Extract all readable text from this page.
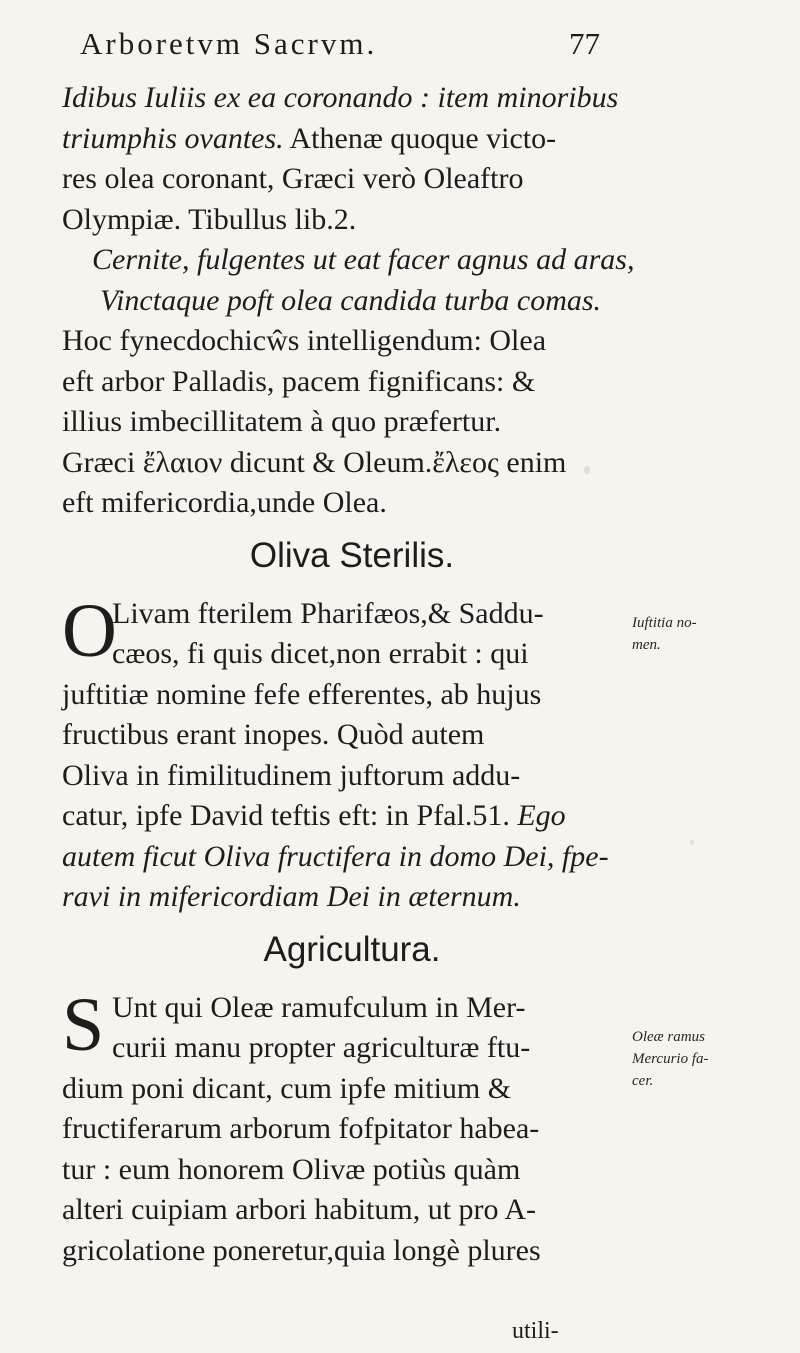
Arboretvm Sacrvm.	77
Idibus Iuliis ex ea coronando : item minoribus
triumphis ovantes. Athenæ quoque victo-
res olea coronant, Græci verò Oleaftro
Olympiæ. Tibullus lib.2.
Cernite, fulgentes ut eat facer agnus ad aras,
Vinctaque poft olea candida turba comas.
Hoc fynecdochicŵs intelligendum: Olea
eft arbor Palladis, pacem fignificans: &
illius imbecillitatem à quo præfertur.
Græci ἔλαιον dicunt & Oleum.ἔλεος enim
eft mifericordia,unde Olea.
Oliva Sterilis.
O
Livam fterilem Pharifæos,& Saddu-
cæos, fi quis dicet,non errabit : qui
juftitiæ nomine fefe efferentes, ab hujus
fructibus erant inopes. Quòd autem
Oliva in fimilitudinem juftorum addu-
catur, ipfe David teftis eft: in Pfal.51. Ego
autem ficut Oliva fructifera in domo Dei, fpe-
ravi in mifericordiam Dei in æternum.
Agricultura.
S Unt qui Oleæ ramufculum in Mer-
curii manu propter agriculturæ ftu-
dium poni dicant, cum ipfe mitium &
fructiferarum arborum fofpitator habea-
tur : eum honorem Olivæ potiùs quàm
alteri cuipiam arbori habitum, ut pro A-
gricolatione poneretur,quia longè plures
Iuftitia no-
men.
Oleæ ramus
Mercurio fa-
cer.
utili-
